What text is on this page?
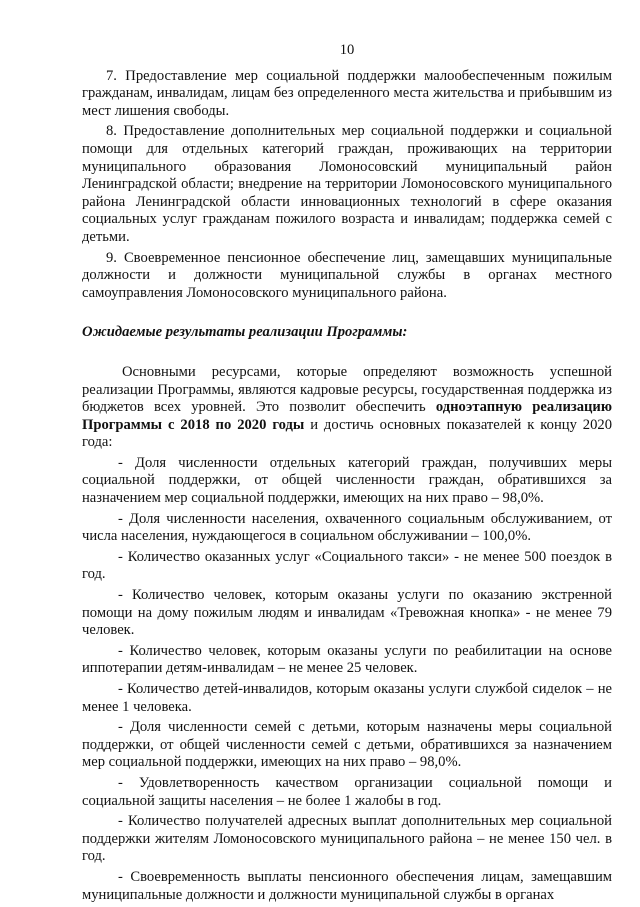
10

7. Предоставление мер социальной поддержки малообеспеченным пожилым гражданам, инвалидам, лицам без определенного места жительства и прибывшим из мест лишения свободы.

8. Предоставление дополнительных мер социальной поддержки и социальной помощи для отдельных категорий граждан, проживающих на территории муниципального образования Ломоносовский муниципальный район Ленинградской области; внедрение на территории Ломоносовского муниципального района Ленинградской области инновационных технологий в сфере оказания социальных услуг гражданам пожилого возраста и инвалидам; поддержка семей с детьми.

9. Своевременное пенсионное обеспечение лиц, замещавших муниципальные должности и должности муниципальной службы в органах местного самоуправления Ломоносовского муниципального района.

Ожидаемые результаты реализации Программы:

Основными ресурсами, которые определяют возможность успешной реализации Программы, являются кадровые ресурсы, государственная поддержка из бюджетов всех уровней. Это позволит обеспечить одноэтапную реализацию Программы с 2018 по 2020 годы и достичь основных показателей к концу 2020 года:

- Доля численности отдельных категорий граждан, получивших меры социальной поддержки, от общей численности граждан, обратившихся за назначением мер социальной поддержки, имеющих на них право – 98,0%.

- Доля численности населения, охваченного социальным обслуживанием, от числа населения, нуждающегося в социальном обслуживании – 100,0%.

- Количество оказанных услуг «Социального такси» - не менее 500 поездок в год.

- Количество человек, которым оказаны услуги по оказанию экстренной помощи на дому пожилым людям и инвалидам «Тревожная кнопка» - не менее 79 человек.

- Количество человек, которым оказаны услуги по реабилитации на основе иппотерапии детям-инвалидам – не менее 25 человек.

- Количество детей-инвалидов, которым оказаны услуги службой сиделок – не менее 1 человека.

- Доля численности семей с детьми, которым назначены меры социальной поддержки, от общей численности семей с детьми, обратившихся за назначением мер социальной поддержки, имеющих на них право – 98,0%.

- Удовлетворенность качеством организации социальной помощи и социальной защиты населения – не более 1 жалобы в год.

- Количество получателей адресных выплат дополнительных мер социальной поддержки жителям Ломоносовского муниципального района – не менее 150 чел. в год.

- Своевременность выплаты пенсионного обеспечения лицам, замещавшим муниципальные должности и должности муниципальной службы в органах
